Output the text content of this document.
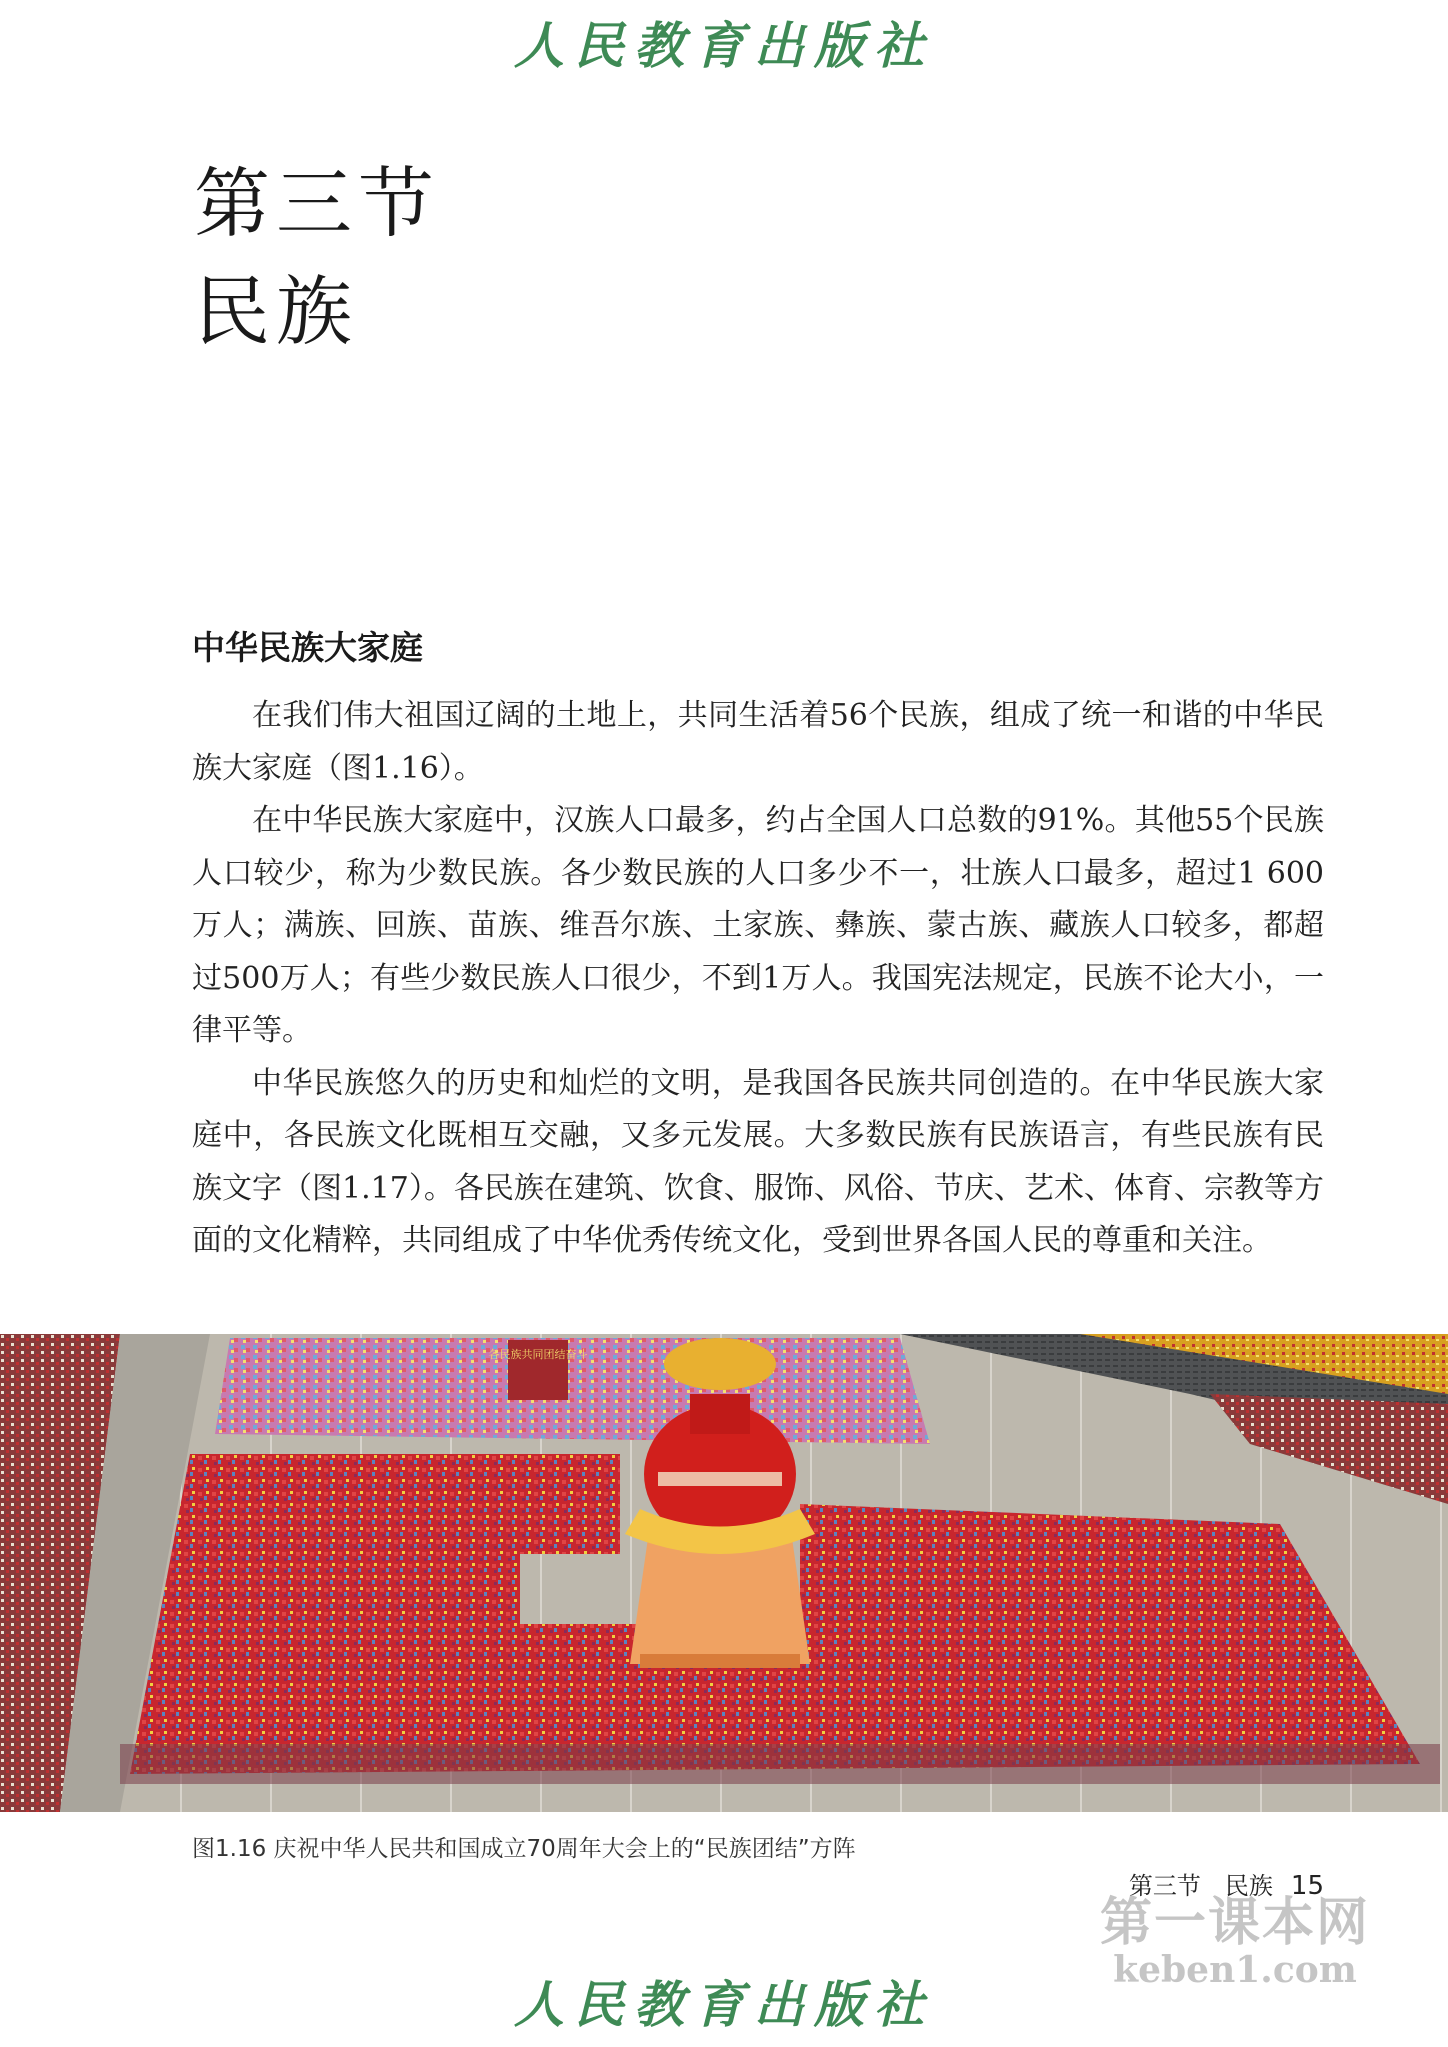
人民教育出版社
第三节
民族
中华民族大家庭

在我们伟大祖国辽阔的土地上，共同生活着56个民族，组成了统一和谐的中华民族大家庭（图1.16）。

在中华民族大家庭中，汉族人口最多，约占全国人口总数的91%。其他55个民族人口较少，称为少数民族。各少数民族的人口多少不一，壮族人口最多，超过1 600万人；满族、回族、苗族、维吾尔族、土家族、彝族、蒙古族、藏族人口较多，都超过500万人；有些少数民族人口很少，不到1万人。我国宪法规定，民族不论大小，一律平等。

中华民族悠久的历史和灿烂的文明，是我国各民族共同创造的。在中华民族大家庭中，各民族文化既相互交融，又多元发展。大多数民族有民族语言，有些民族有民族文字（图1.17）。各民族在建筑、饮食、服饰、风俗、节庆、艺术、体育、宗教等方面的文化精粹，共同组成了中华优秀传统文化，受到世界各国人民的尊重和关注。

各民族共同团结奋斗
图1.16 庆祝中华人民共和国成立70周年大会上的“民族团结”方阵
第三节　民族 15
第一课本网
keben1.com
人民教育出版社
